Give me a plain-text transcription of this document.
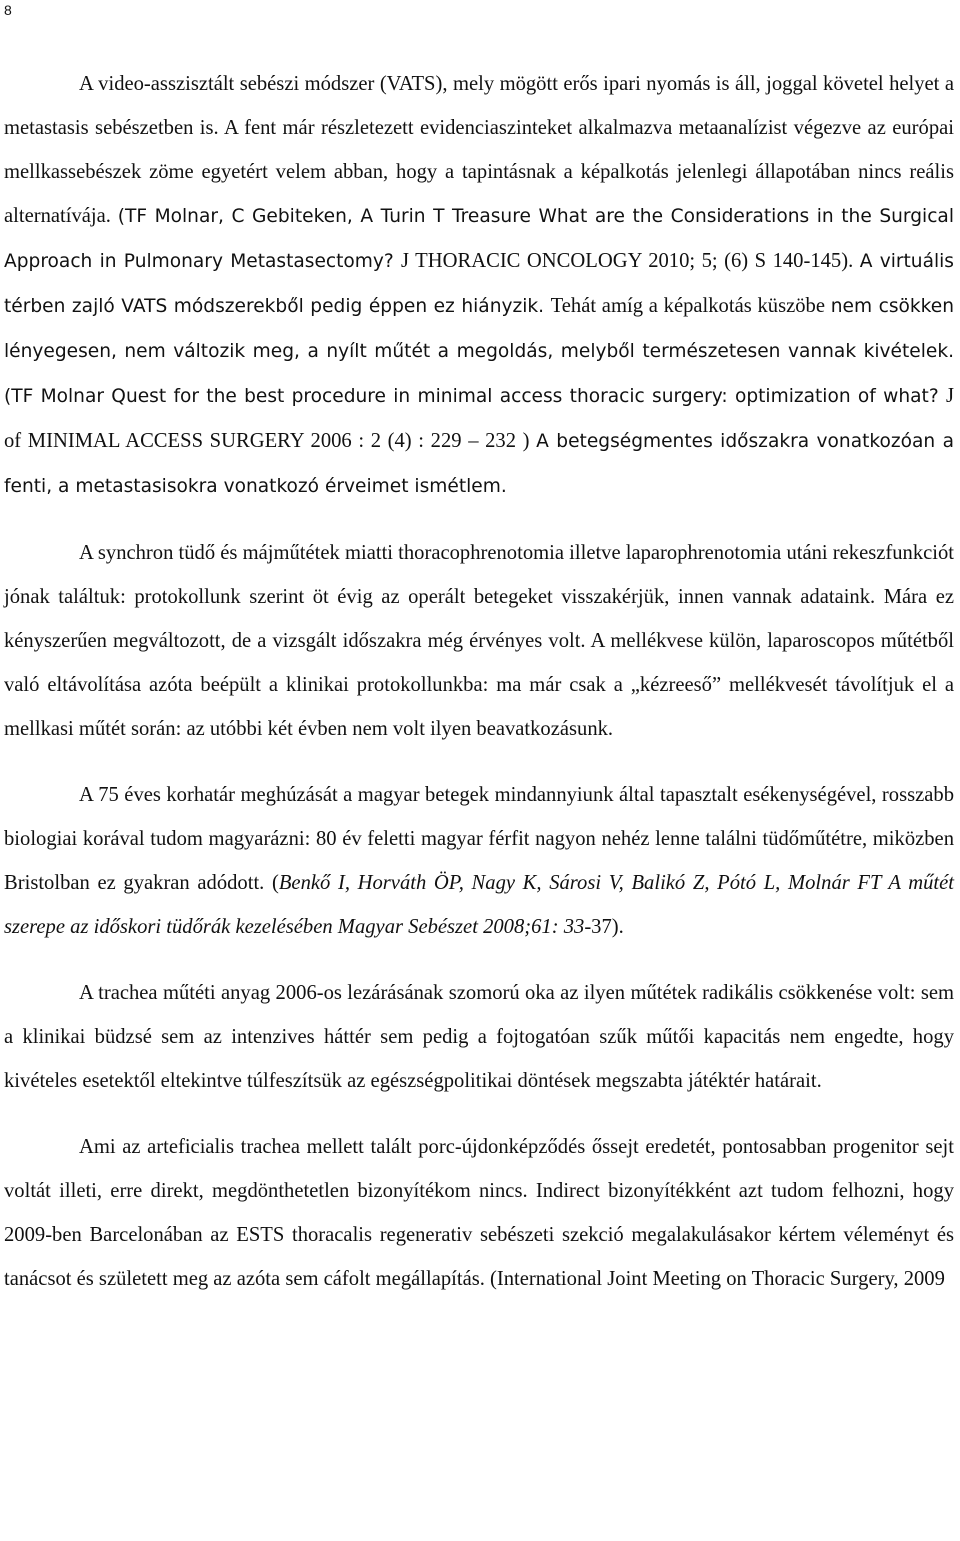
8

A video-asszisztált sebészi módszer (VATS), mely mögött erős ipari nyomás is áll, joggal követel helyet a metastasis sebészetben is. A fent már részletezett evidenciaszinteket alkalmazva metaanalízist végezve az európai mellkassebészek zöme egyetért velem abban, hogy a tapintásnak a képalkotás jelenlegi állapotában nincs reális alternatívája. (TF Molnar, C Gebiteken, A Turin T Treasure What are the Considerations in the Surgical Approach in Pulmonary Metastasectomy? J THORACIC ONCOLOGY 2010; 5; (6) S 140-145). A virtuális térben zajló VATS módszerekből pedig éppen ez hiányzik. Tehát amíg a képalkotás küszöbe nem csökken lényegesen, nem változik meg, a nyílt műtét a megoldás, melyből természetesen vannak kivételek. (TF Molnar Quest for the best procedure in minimal access thoracic surgery: optimization of what? J of MINIMAL ACCESS SURGERY 2006 : 2 (4) : 229 – 232 ) A betegségmentes időszakra vonatkozóan a fenti, a metastasisokra vonatkozó érveimet ismétlem.

A synchron tüdő és májműtétek miatti thoracophrenotomia illetve laparophrenotomia utáni rekeszfunkciót jónak találtuk: protokollunk szerint öt évig az operált betegeket visszakérjük, innen vannak adataink. Mára ez kényszerűen megváltozott, de a vizsgált időszakra még érvényes volt. A mellékvese külön, laparoscopos műtétből való eltávolítása azóta beépült a klinikai protokollunkba: ma már csak a „kézreeső” mellékvesét távolítjuk el a mellkasi műtét során: az utóbbi két évben nem volt ilyen beavatkozásunk.

A 75 éves korhatár meghúzását a magyar betegek mindannyiunk által tapasztalt esékenységével, rosszabb biologiai korával tudom magyarázni: 80 év feletti magyar férfit nagyon nehéz lenne találni tüdőműtétre, miközben Bristolban ez gyakran adódott. (Benkő I, Horváth ÖP, Nagy K, Sárosi V, Balikó Z, Pótó L, Molnár FT A műtét szerepe az időskori tüdőrák kezelésében Magyar Sebészet 2008;61: 33-37).

A trachea műtéti anyag 2006-os lezárásának szomorú oka az ilyen műtétek radikális csökkenése volt: sem a klinikai büdzsé sem az intenzives háttér sem pedig a fojtogatóan szűk műtői kapacitás nem engedte, hogy kivételes esetektől eltekintve túlfeszítsük az egészségpolitikai döntések megszabta játéktér határait.

Ami az arteficialis trachea mellett talált porc-újdonképződés őssejt eredetét, pontosabban progenitor sejt voltát illeti, erre direkt, megdönthetetlen bizonyítékom nincs. Indirect bizonyítékként azt tudom felhozni, hogy 2009-ben Barcelonában az ESTS thoracalis regenerativ sebészeti szekció megalakulásakor kértem véleményt és tanácsot és született meg az azóta sem cáfolt megállapítás. (International Joint Meeting on Thoracic Surgery, 2009
